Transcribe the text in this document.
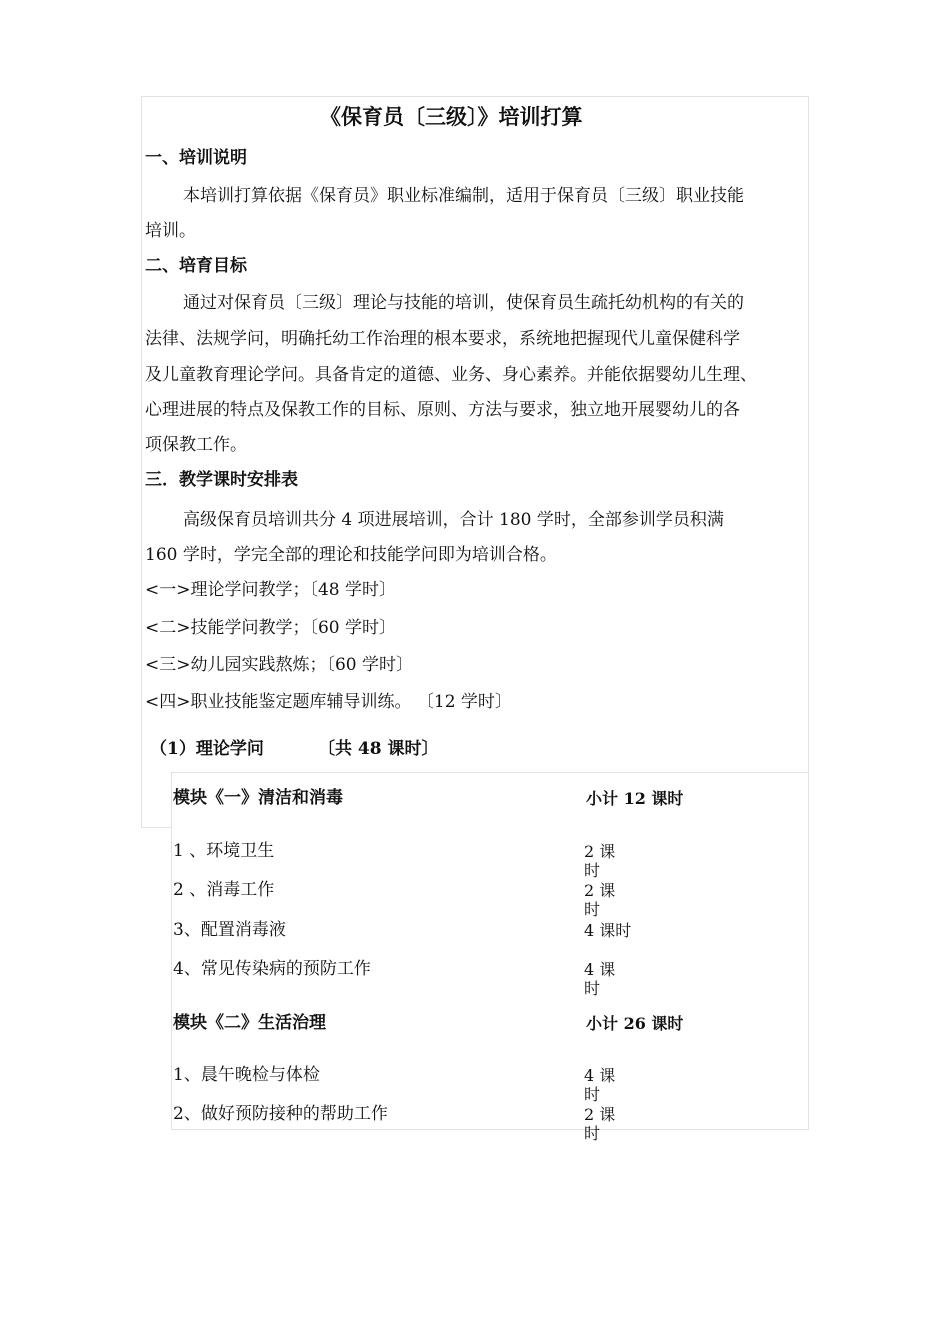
《保育员〔三级〕》培训打算
一、培训说明
本培训打算依据《保育员》职业标准编制，适用于保育员〔三级〕职业技能
培训。
二、培育目标
通过对保育员〔三级〕理论与技能的培训，使保育员生疏托幼机构的有关的
法律、法规学问，明确托幼工作治理的根本要求，系统地把握现代儿童保健科学
及儿童教育理论学问。具备肯定的道德、业务、身心素养。并能依据婴幼儿生理、
心理进展的特点及保教工作的目标、原则、方法与要求，独立地开展婴幼儿的各
项保教工作。
三．教学课时安排表
高级保育员培训共分 4 项进展培训，合计 180 学时，全部参训学员积满
160 学时，学完全部的理论和技能学问即为培训合格。
<一>理论学问教学；〔48 学时〕
<二>技能学问教学；〔60 学时〕
<三>幼儿园实践熬炼；〔60 学时〕
<四>职业技能鉴定题库辅导训练。 〔12 学时〕
（1）理论学问	〔共 48 课时〕
模块《一》清洁和消毒	小计 12 课时
1 、环境卫生	2 课时
2 、消毒工作	2 课时
3、配置消毒液	4 课时
4、常见传染病的预防工作	4 课时
模块《二》生活治理	小计 26 课时
1、晨午晚检与体检	4 课时
2、做好预防接种的帮助工作	2 课时
